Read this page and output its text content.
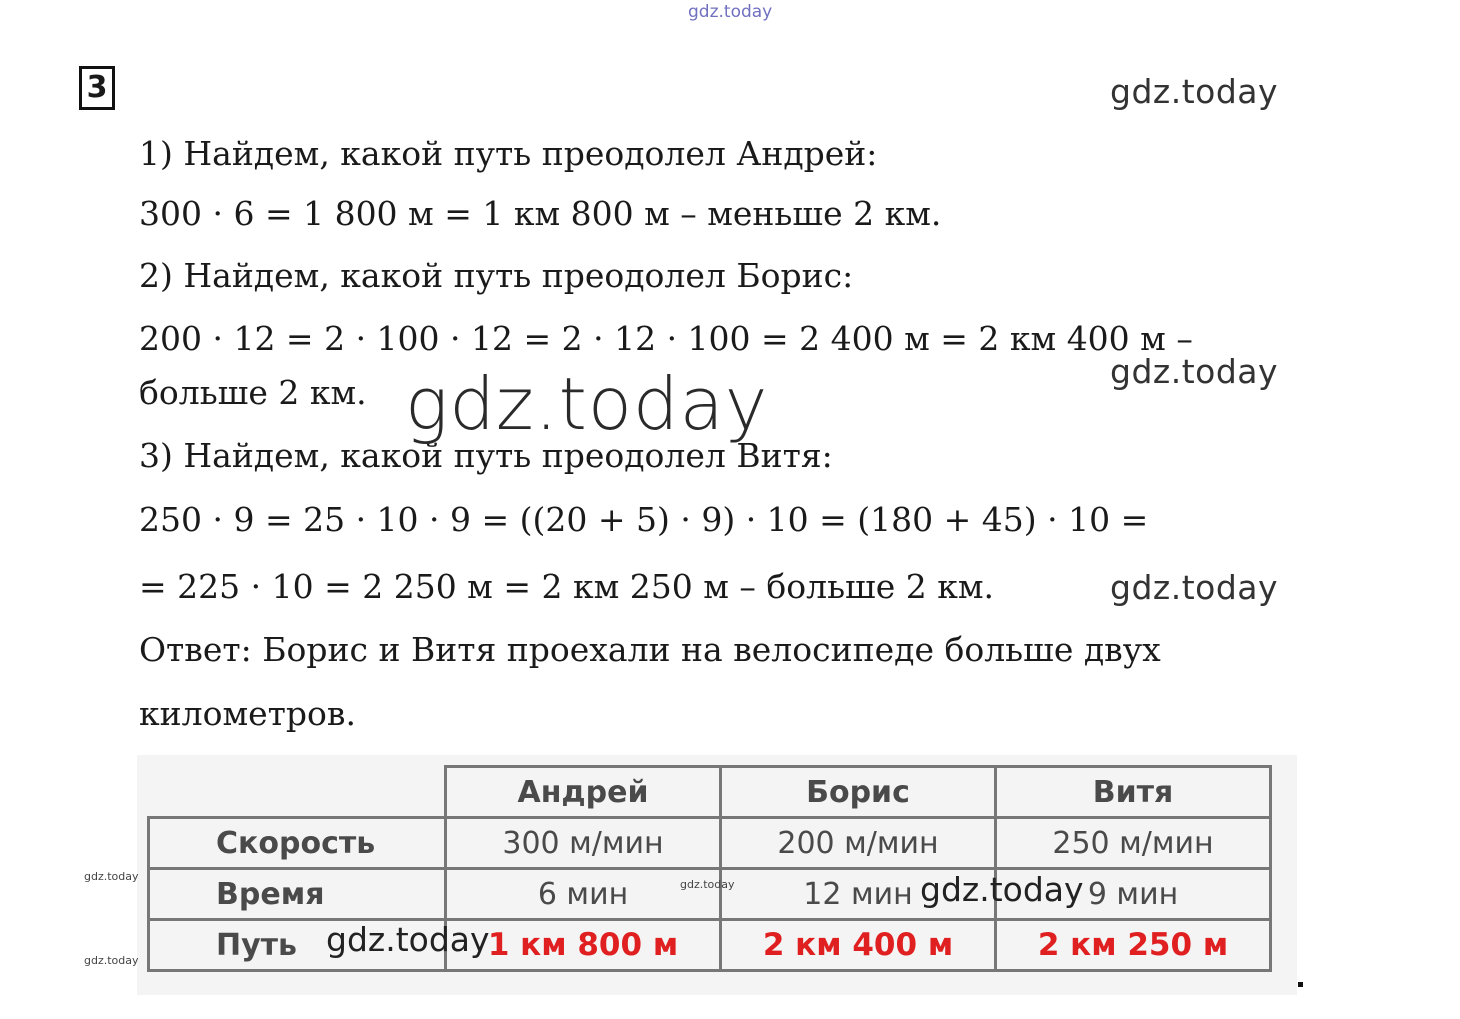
gdz.today
gdz.today
gdz.today
gdz.today
3
1) Найдем, какой путь преодолел Андрей:
300 · 6 = 1 800 м = 1 км 800 м – меньше 2 км.
2) Найдем, какой путь преодолел Борис:
200 · 12 = 2 · 100 · 12 = 2 · 12 · 100 = 2 400 м = 2 км 400 м –
больше 2 км.
3) Найдем, какой путь преодолел Витя:
250 · 9 = 25 · 10 · 9 = ((20 + 5) · 9) · 10 = (180 + 45) · 10 =
= 225 · 10 = 2 250 м = 2 км 250 м – больше 2 км.
Ответ: Борис и Витя проехали на велосипеде больше двух
километров.
gdz.today
	Андрей	Борис	Витя
Скорость	300 м/мин	200 м/мин	250 м/мин
Время	6 мин	12 мин	9 мин
Путь	1 км 800 м	2 км 400 м	2 км 250 м
gdz.today
gdz.today
gdz.today	gdz.today
gdz.today
